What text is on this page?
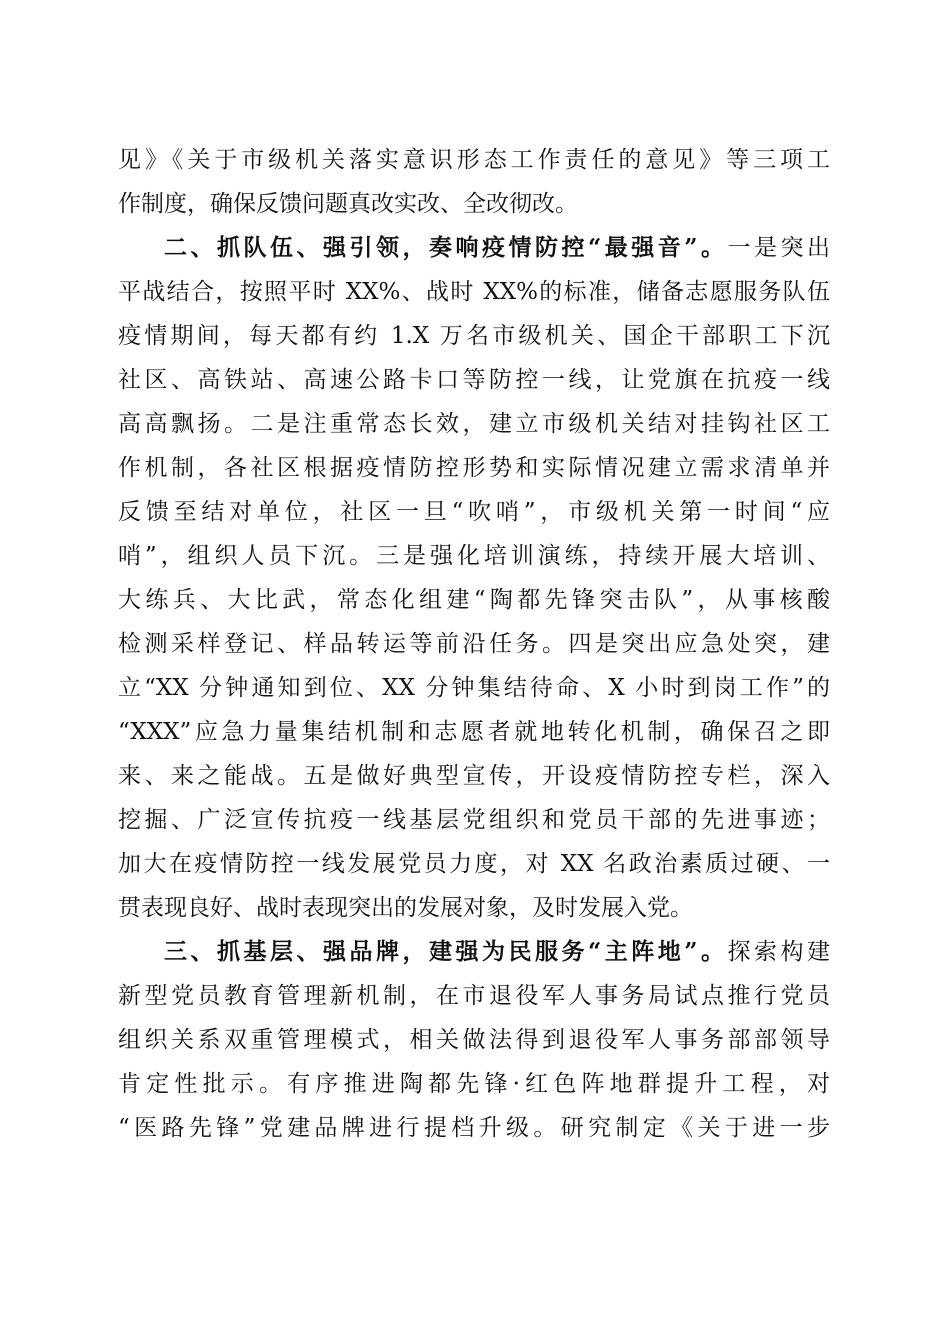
见》《关于市级机关落实意识形态工作责任的意见》等三项工
作制度，确保反馈问题真改实改、全改彻改。
二、抓队伍、强引领，奏响疫情防控“最强音”。一是突出
平战结合，按照平时 XX%、战时 XX%的标准，储备志愿服务队伍
疫情期间，每天都有约 1.X 万名市级机关、国企干部职工下沉
社区、高铁站、高速公路卡口等防控一线，让党旗在抗疫一线
高高飘扬。二是注重常态长效，建立市级机关结对挂钩社区工
作机制，各社区根据疫情防控形势和实际情况建立需求清单并
反馈至结对单位，社区一旦“吹哨”，市级机关第一时间“应
哨”，组织人员下沉。三是强化培训演练，持续开展大培训、
大练兵、大比武，常态化组建“陶都先锋突击队”，从事核酸
检测采样登记、样品转运等前沿任务。四是突出应急处突，建
立“XX 分钟通知到位、XX 分钟集结待命、X 小时到岗工作”的
“XXX”应急力量集结机制和志愿者就地转化机制，确保召之即
来、来之能战。五是做好典型宣传，开设疫情防控专栏，深入
挖掘、广泛宣传抗疫一线基层党组织和党员干部的先进事迹；
加大在疫情防控一线发展党员力度，对 XX 名政治素质过硬、一
贯表现良好、战时表现突出的发展对象，及时发展入党。
三、抓基层、强品牌，建强为民服务“主阵地”。探索构建
新型党员教育管理新机制，在市退役军人事务局试点推行党员
组织关系双重管理模式，相关做法得到退役军人事务部部领导
肯定性批示。有序推进陶都先锋·红色阵地群提升工程，对
“医路先锋”党建品牌进行提档升级。研究制定《关于进一步
